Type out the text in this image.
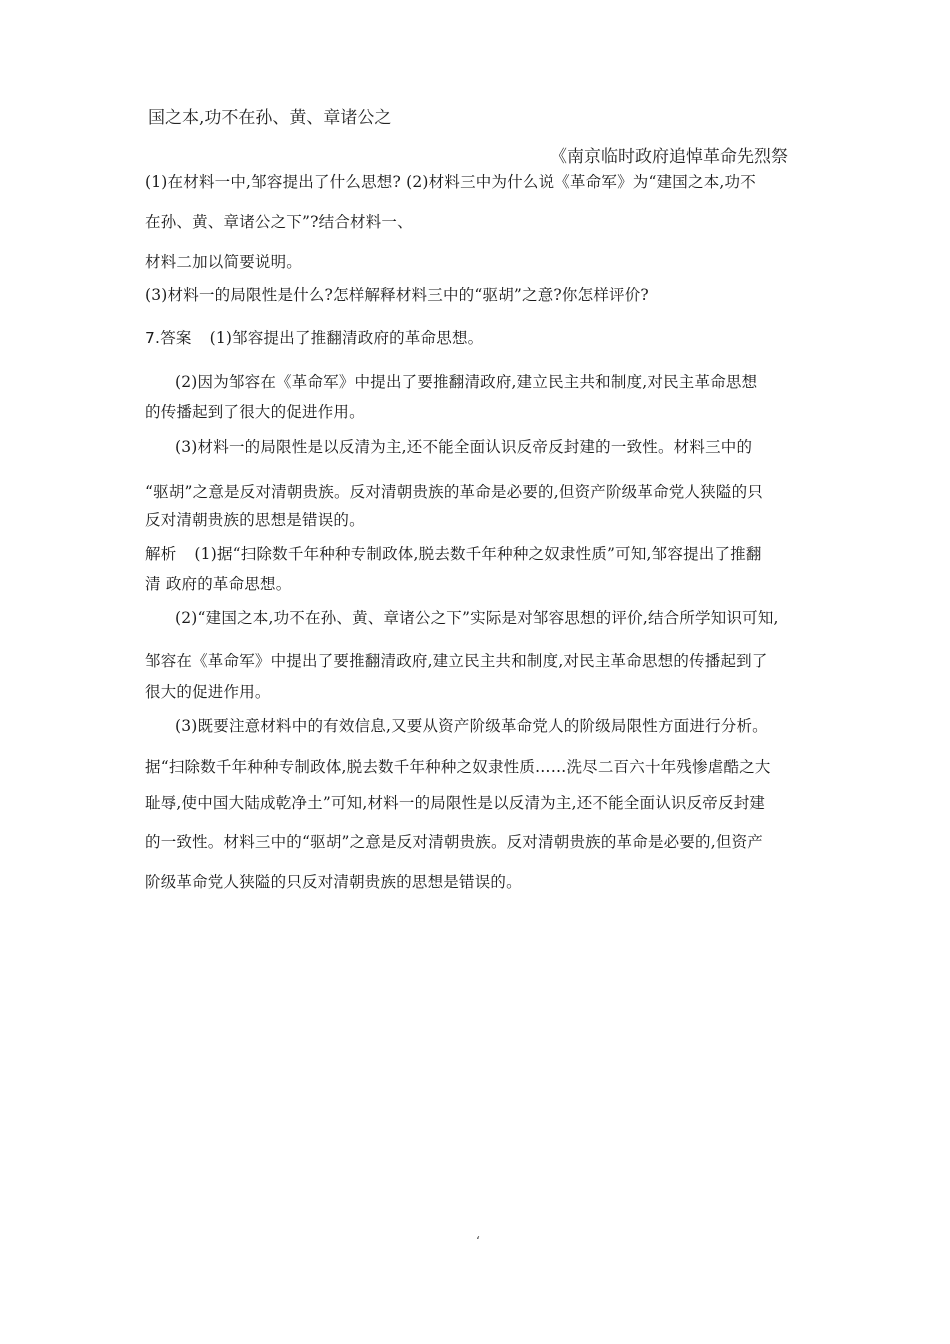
国之本,功不在孙、黄、章诸公之
《南京临时政府追悼革命先烈祭
(1)在材料一中,邹容提出了什么思想? (2)材料三中为什么说《革命军》为“建国之本,功不
在孙、黄、章诸公之下”?结合材料一、
材料二加以简要说明。
(3)材料一的局限性是什么?怎样解释材料三中的“驱胡”之意?你怎样评价?
7.答案 (1)邹容提出了推翻清政府的革命思想。
(2)因为邹容在《革命军》中提出了要推翻清政府,建立民主共和制度,对民主革命思想
的传播起到了很大的促进作用。
(3)材料一的局限性是以反清为主,还不能全面认识反帝反封建的一致性。材料三中的
“驱胡”之意是反对清朝贵族。反对清朝贵族的革命是必要的,但资产阶级革命党人狭隘的只
反对清朝贵族的思想是错误的。
解析 (1)据“扫除数千年种种专制政体,脱去数千年种种之奴隶性质”可知,邹容提出了推翻
清 政府的革命思想。
(2)“建国之本,功不在孙、黄、章诸公之下”实际是对邹容思想的评价,结合所学知识可知,
邹容在《革命军》中提出了要推翻清政府,建立民主共和制度,对民主革命思想的传播起到了
很大的促进作用。
(3)既要注意材料中的有效信息,又要从资产阶级革命党人的阶级局限性方面进行分析。
据“扫除数千年种种专制政体,脱去数千年种种之奴隶性质……洗尽二百六十年残惨虐酷之大
耻辱,使中国大陆成乾净土”可知,材料一的局限性是以反清为主,还不能全面认识反帝反封建
的一致性。材料三中的“驱胡”之意是反对清朝贵族。反对清朝贵族的革命是必要的,但资产
阶级革命党人狭隘的只反对清朝贵族的思想是错误的。
‘
